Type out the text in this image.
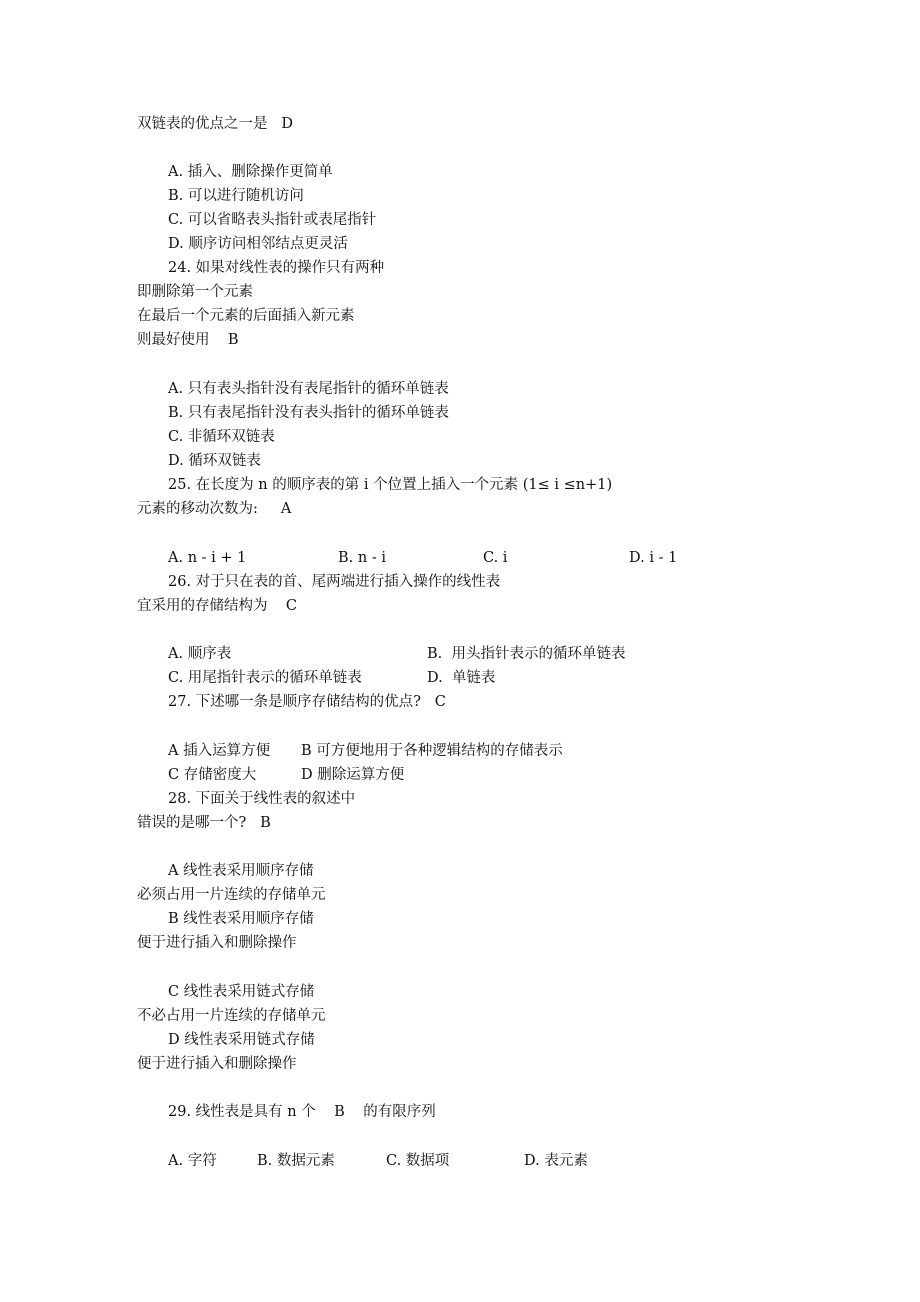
双链表的优点之一是   D
A. 插入、删除操作更简单
B. 可以进行随机访问
C. 可以省略表头指针或表尾指针
D. 顺序访问相邻结点更灵活
24. 如果对线性表的操作只有两种
即删除第一个元素
在最后一个元素的后面插入新元素
则最好使用    B
A. 只有表头指针没有表尾指针的循环单链表
B. 只有表尾指针没有表头指针的循环单链表
C. 非循环双链表
D. 循环双链表
25. 在长度为 n 的顺序表的第 i 个位置上插入一个元素 (1≤ i ≤n+1)
元素的移动次数为:     A
A. n - i + 1	B. n - i	C. i	D. i - 1
26. 对于只在表的首、尾两端进行插入操作的线性表
宜采用的存储结构为    C
A. 顺序表	B.  用头指针表示的循环单链表
C. 用尾指针表示的循环单链表	D.  单链表
27. 下述哪一条是顺序存储结构的优点?   C
A 插入运算方便 B 可方便地用于各种逻辑结构的存储表示
C 存储密度大	D 删除运算方便
28. 下面关于线性表的叙述中
错误的是哪一个?   B
A 线性表采用顺序存储
必须占用一片连续的存储单元
B 线性表采用顺序存储
便于进行插入和删除操作
C 线性表采用链式存储
不必占用一片连续的存储单元
D 线性表采用链式存储
便于进行插入和删除操作
29. 线性表是具有 n 个    B    的有限序列
A. 字符	B. 数据元素	C. 数据项	D. 表元素
